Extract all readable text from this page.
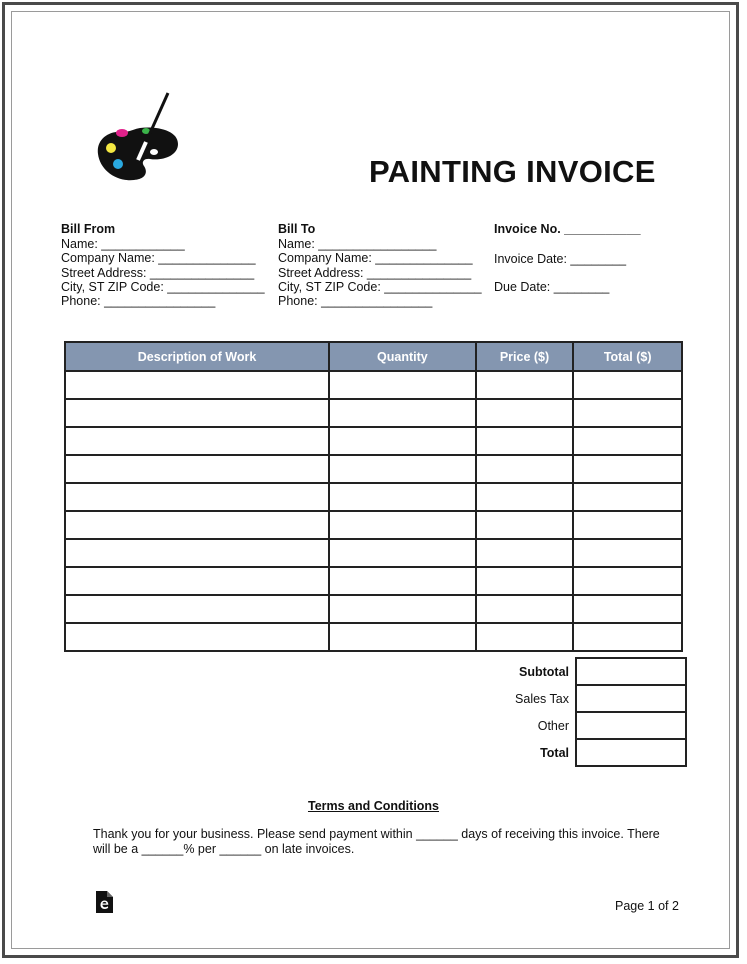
PAINTING INVOICE
Bill From
Name: ____________
Company Name: ______________
Street Address: _______________
City, ST ZIP Code: ______________
Phone: ________________
Bill To
Name: _________________
Company Name: ______________
Street Address: _______________
City, ST ZIP Code: ______________
Phone: ________________
Invoice No. ___________
Invoice Date: ________
Due Date: ________
Description of Work	Quantity	Price ($)	Total ($)

Subtotal	
Sales Tax	
Other	
Total	
Terms and Conditions
Thank you for your business. Please send payment within ______ days of receiving this invoice. There will be a ______% per ______ on late invoices.
Page 1 of 2
